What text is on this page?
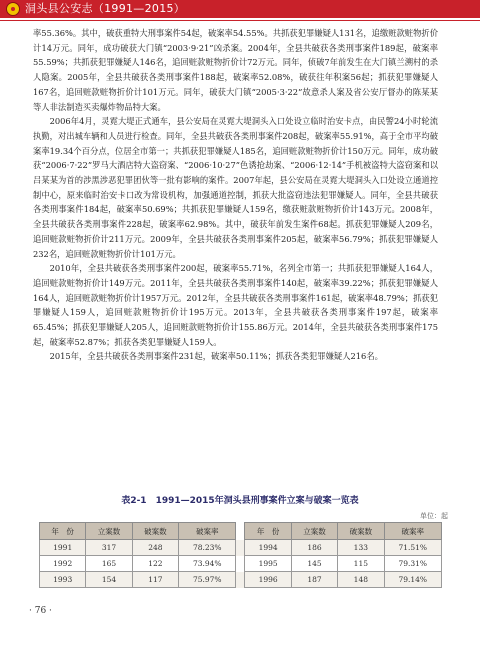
洞头县公安志（1991—2015）

率55.36%。其中，破获重特大刑事案件54起，破案率54.55%。共抓获犯罪嫌疑人131名，追缴赃款赃物折价计14万元。同年，成功破获大门镇“2003·9·21”凶杀案。2004年，全县共破获各类刑事案件189起，破案率55.59%；共抓获犯罪嫌疑人146名，追回赃款赃物折价计72万元。同年，侦破7年前发生在大门镇兰溯村的杀人隐案。2005年，全县共破获各类刑事案件188起，破案率52.08%，破获往年积案56起；抓获犯罪嫌疑人167名，追回赃款赃物折价计101万元。同年，破获大门镇“2005·3·22”故意杀人案及省公安厅督办的陈某某等人非法制造买卖爆炸物品特大案。

2006年4月，灵霓大堤正式通车，县公安局在灵霓大堤洞头入口处设立临时治安卡点，由民警24小时轮流执勤，对出城车辆和人员进行检查。同年，全县共破获各类刑事案件208起，破案率55.91%，高于全市平均破案率19.34个百分点，位居全市第一；共抓获犯罪嫌疑人185名，追回赃款赃物折价计150万元。同年，成功破获“2006·7·22”罗马大酒店特大盗窃案、“2006·10·27”色诱抢劫案、“2006·12·14”手机被盗特大盗窃案和以吕某某为首的涉黑涉恶犯罪团伙等一批有影响的案件。2007年起，县公安局在灵霓大堤洞头入口处设立通道控制中心，原来临时治安卡口改为常设机构，加强通道控制，抓获大批盗窃违法犯罪嫌疑人。同年，全县共破获各类刑事案件184起，破案率50.69%；共抓获犯罪嫌疑人159名，缴获赃款赃物折价计143万元。2008年，全县共破获各类刑事案件228起，破案率62.98%。其中，破获年前发生案件68起。抓获犯罪嫌疑人209名，追回赃款赃物折价计211万元。2009年，全县共破获各类刑事案件205起，破案率56.79%；抓获犯罪嫌疑人232名，追回赃款赃物折价计101万元。

2010年，全县共破获各类刑事案件200起，破案率55.71%，名列全市第一；共抓获犯罪嫌疑人164人，追回赃款赃物折价计149万元。2011年，全县共破获各类刑事案件140起，破案率39.22%；抓获犯罪嫌疑人164人，追回赃款赃物折价计1957万元。2012年，全县共破获各类刑事案件161起，破案率48.79%；抓获犯罪嫌疑人159人，追回赃款赃物折价计195万元。2013年，全县共破获各类刑事案件197起，破案率65.45%；抓获犯罪嫌疑人205人，追回赃款赃物折价计155.86万元。2014年，全县共破获各类刑事案件175起，破案率52.87%；抓获各类犯罪嫌疑人159人。

2015年，全县共破获各类刑事案件231起，破案率50.11%；抓获各类犯罪嫌疑人216名。

表2-1　1991—2015年洞头县刑事案件立案与破案一览表
单位：起
年　份	立案数	破案数	破案率		年　份	立案数	破案数	破案率
1991	317	248	78.23%		1994	186	133	71.51%
1992	165	122	73.94%		1995	145	115	79.31%
1993	154	117	75.97%		1996	187	148	79.14%
· 76 ·
